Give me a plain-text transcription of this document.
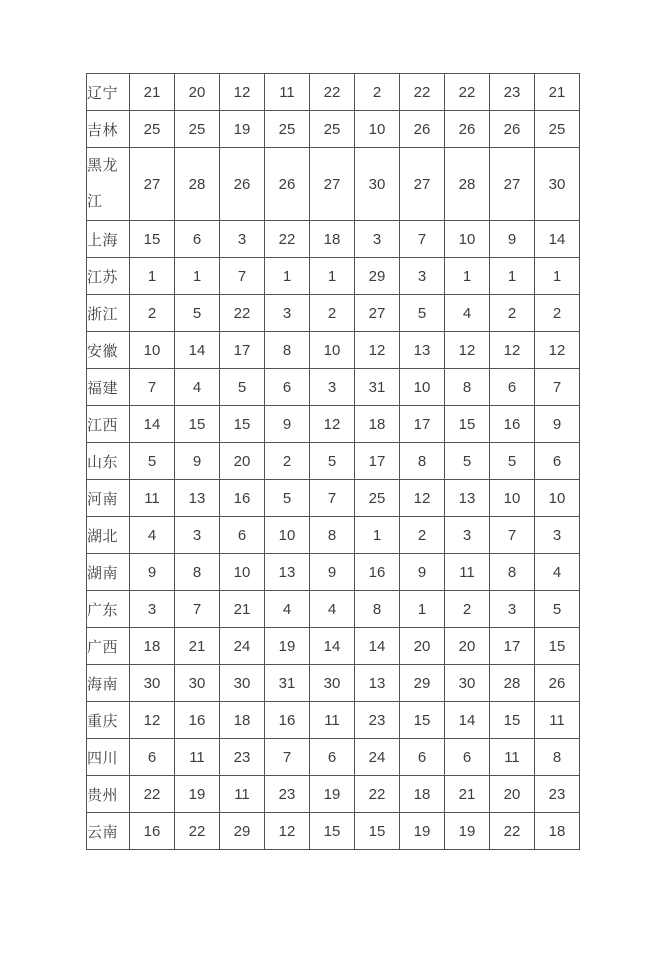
辽宁	21	20	12	11	22	2	22	22	23	21
吉林	25	25	19	25	25	10	26	26	26	25
黑龙江	27	28	26	26	27	30	27	28	27	30
上海	15	6	3	22	18	3	7	10	9	14
江苏	1	1	7	1	1	29	3	1	1	1
浙江	2	5	22	3	2	27	5	4	2	2
安徽	10	14	17	8	10	12	13	12	12	12
福建	7	4	5	6	3	31	10	8	6	7
江西	14	15	15	9	12	18	17	15	16	9
山东	5	9	20	2	5	17	8	5	5	6
河南	11	13	16	5	7	25	12	13	10	10
湖北	4	3	6	10	8	1	2	3	7	3
湖南	9	8	10	13	9	16	9	11	8	4
广东	3	7	21	4	4	8	1	2	3	5
广西	18	21	24	19	14	14	20	20	17	15
海南	30	30	30	31	30	13	29	30	28	26
重庆	12	16	18	16	11	23	15	14	15	11
四川	6	11	23	7	6	24	6	6	11	8
贵州	22	19	11	23	19	22	18	21	20	23
云南	16	22	29	12	15	15	19	19	22	18
